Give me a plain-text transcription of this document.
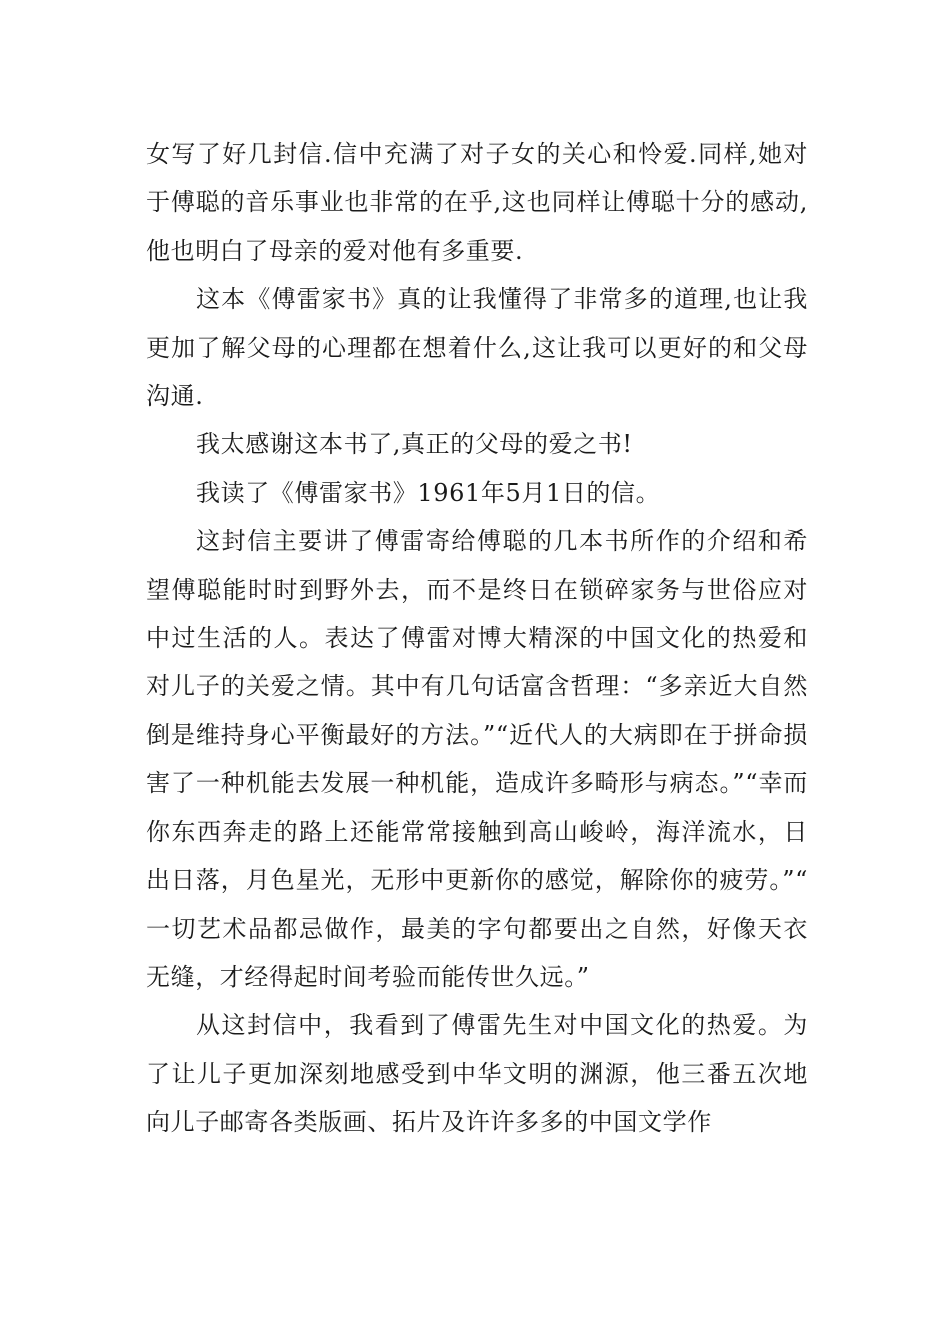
女写了好几封信.信中充满了对子女的关心和怜爱.同样,她对于傅聪的音乐事业也非常的在乎,这也同样让傅聪十分的感动,他也明白了母亲的爱对他有多重要.

这本《傅雷家书》真的让我懂得了非常多的道理,也让我更加了解父母的心理都在想着什么,这让我可以更好的和父母沟通.

我太感谢这本书了,真正的父母的爱之书!

我读了《傅雷家书》1961年5月1日的信。

这封信主要讲了傅雷寄给傅聪的几本书所作的介绍和希望傅聪能时时到野外去，而不是终日在锁碎家务与世俗应对中过生活的人。表达了傅雷对博大精深的中国文化的热爱和对儿子的关爱之情。其中有几句话富含哲理：“多亲近大自然倒是维持身心平衡最好的方法。”“近代人的大病即在于拼命损害了一种机能去发展一种机能，造成许多畸形与病态。”“幸而你东西奔走的路上还能常常接触到高山峻岭，海洋流水，日出日落，月色星光，无形中更新你的感觉，解除你的疲劳。”“一切艺术品都忌做作，最美的字句都要出之自然，好像天衣无缝，才经得起时间考验而能传世久远。”

从这封信中，我看到了傅雷先生对中国文化的热爱。为了让儿子更加深刻地感受到中华文明的渊源，他三番五次地向儿子邮寄各类版画、拓片及许许多多的中国文学作
